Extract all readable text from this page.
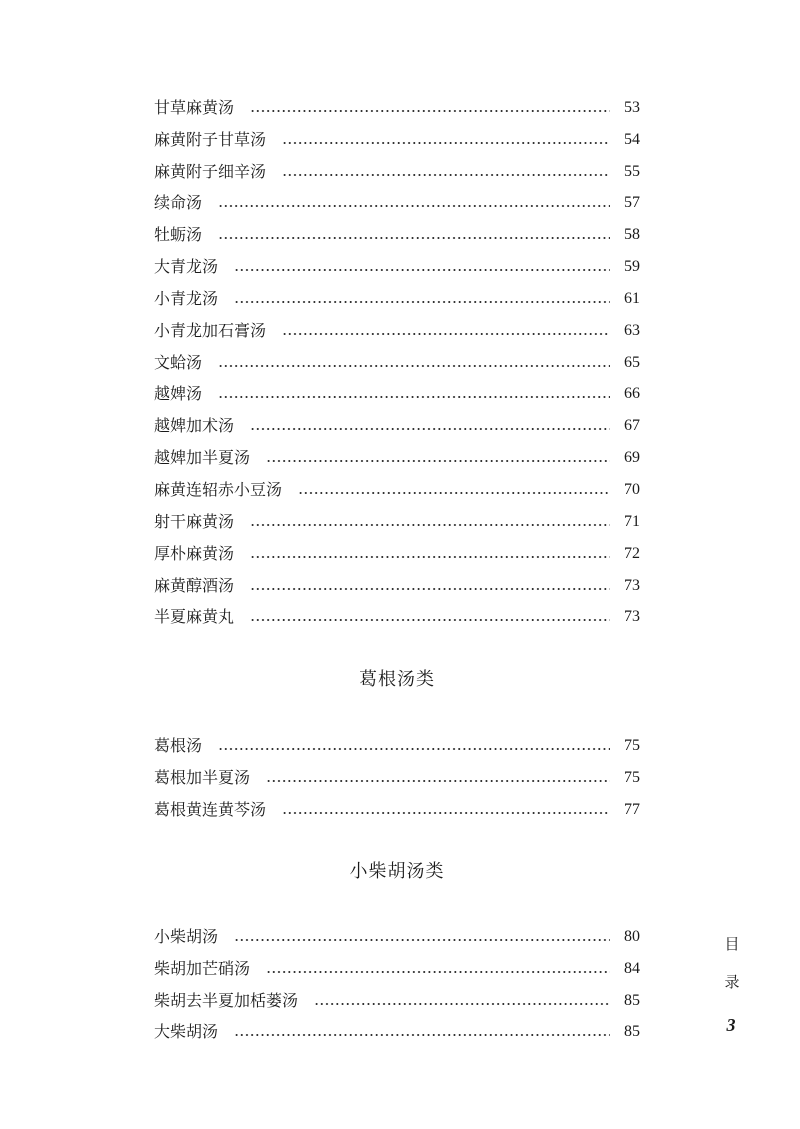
甘草麻黄汤	53
麻黄附子甘草汤	54
麻黄附子细辛汤	55
续命汤	57
牡蛎汤	58
大青龙汤	59
小青龙汤	61
小青龙加石膏汤	63
文蛤汤	65
越婢汤	66
越婢加术汤	67
越婢加半夏汤	69
麻黄连轺赤小豆汤	70
射干麻黄汤	71
厚朴麻黄汤	72
麻黄醇酒汤	73
半夏麻黄丸	73
葛根汤类
葛根汤	75
葛根加半夏汤	75
葛根黄连黄芩汤	77
小柴胡汤类
小柴胡汤	80
柴胡加芒硝汤	84
柴胡去半夏加栝蒌汤	85
大柴胡汤	85
目
录
3
